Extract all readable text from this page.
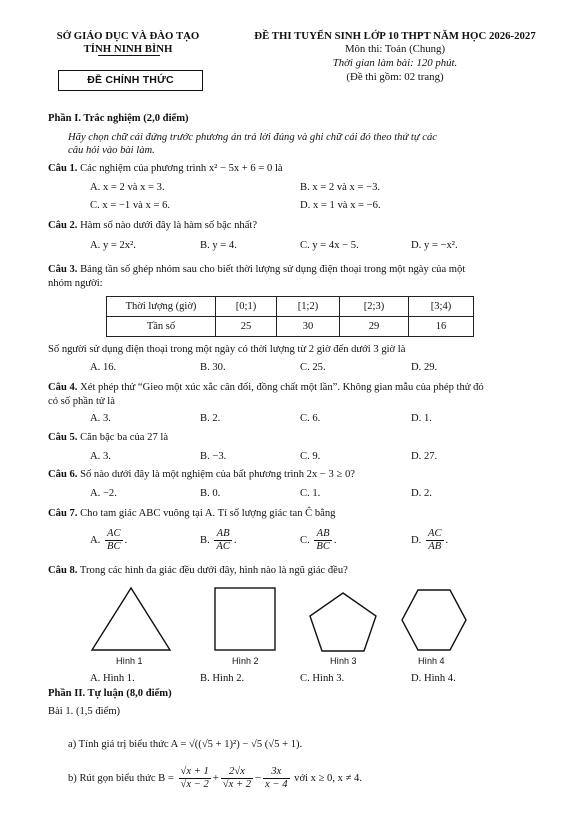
SỞ GIÁO DỤC VÀ ĐÀO TẠO
TỈNH NINH BÌNH
ĐỀ CHÍNH THỨC
ĐỀ THI TUYỂN SINH LỚP 10 THPT NĂM HỌC 2026-2027
Môn thi: Toán (Chung)
Thời gian làm bài: 120 phút.
(Đề thi gồm: 02 trang)
Phần I. Trắc nghiệm (2,0 điểm)
Hãy chọn chữ cái đứng trước phương án trả lời đúng và ghi chữ cái đó theo thứ tự các
câu hỏi vào bài làm.
Câu 1. Các nghiệm của phương trình x² − 5x + 6 = 0 là
A. x = 2 và x = 3.	B. x = 2 và x = −3.
C. x = −1 và x = 6.	D. x = 1 và x = −6.
Câu 2. Hàm số nào dưới đây là hàm số bậc nhất?
A. y = 2x².	B. y = 4.	C. y = 4x − 5.	D. y = −x².
Câu 3. Bảng tần số ghép nhóm sau cho biết thời lượng sử dụng điện thoại trong một ngày của một
nhóm người:
Thời lượng (giờ)	[0;1)	[1;2)	[2;3)	[3;4)
Tần số	25	30	29	16
Số người sử dụng điện thoại trong một ngày có thời lượng từ 2 giờ đến dưới 3 giờ là
A. 16.	B. 30.	C. 25.	D. 29.
Câu 4. Xét phép thử “Gieo một xúc xắc cân đối, đồng chất một lần”. Không gian mẫu của phép thử đó
có số phần tử là
A. 3.	B. 2.	C. 6.	D. 1.
Câu 5. Căn bậc ba của 27 là
A. 3.	B. −3.	C. 9.	D. 27.
Câu 6. Số nào dưới đây là một nghiệm của bất phương trình 2x − 3 ≥ 0?
A. −2.	B. 0.	C. 1.	D. 2.
Câu 7. Cho tam giác ABC vuông tại A. Tỉ số lượng giác tan Ĉ bằng
A. $\frac{AC}{BC}$ .	B. $\frac{AB}{AC}$ .	C. $\frac{AB}{BC}$ .	D. $\frac{AC}{AB}$ .
Câu 8. Trong các hình đa giác đều dưới đây, hình nào là ngũ giác đều?
Hình 1	Hình 2	Hình 3	Hình 4
A. Hình 1.	B. Hình 2.	C. Hình 3.	D. Hình 4.
Phần II. Tự luận (8,0 điểm)
Bài 1. (1,5 điểm)
a) Tính giá trị biểu thức A = √((√5 + 1)²) − √5 (√5 + 1).
b) Rút gọn biểu thức $B = \frac{√x + 1}{√x - 2} + \frac{2√x}{√x + 2} - \frac{3x}{x - 4}$ với x ≥ 0, x ≠ 4.
